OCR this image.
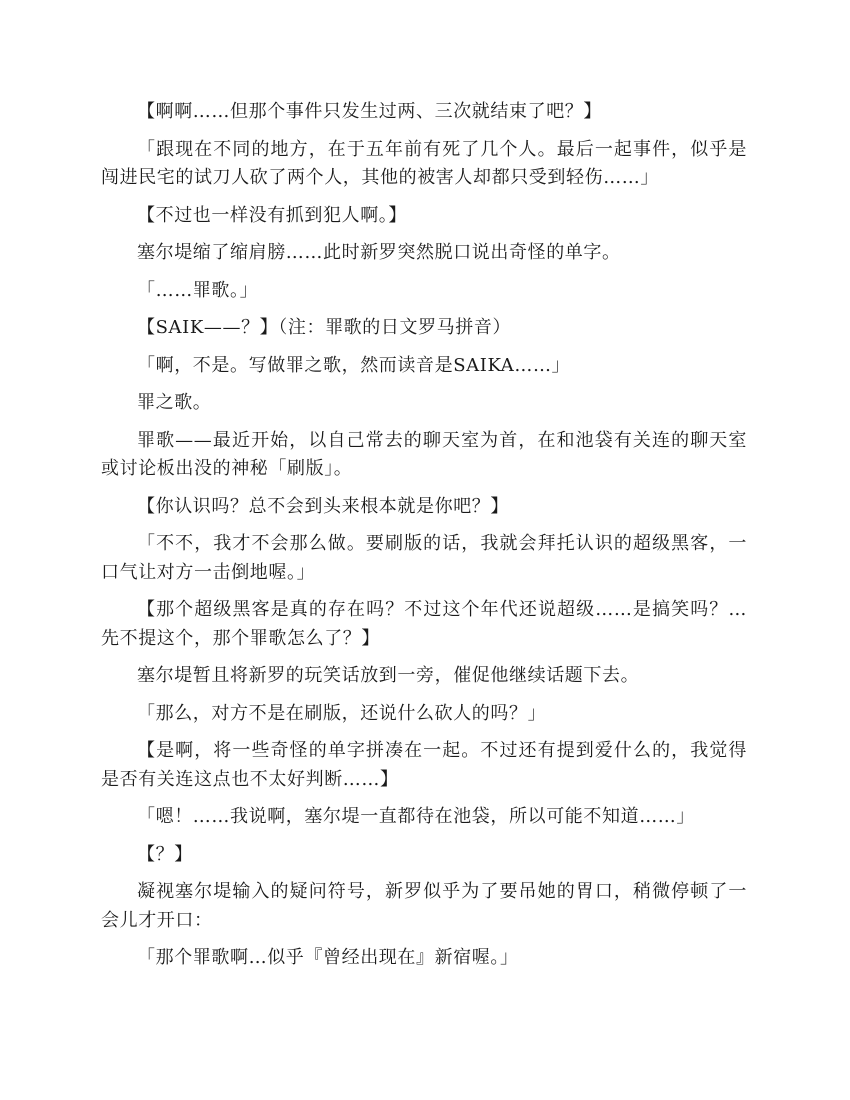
【啊啊……但那个事件只发生过两、三次就结束了吧？】

「跟现在不同的地方，在于五年前有死了几个人。最后一起事件，似乎是闯进民宅的试刀人砍了两个人，其他的被害人却都只受到轻伤……」

【不过也一样没有抓到犯人啊。】

塞尔堤缩了缩肩膀……此时新罗突然脱口说出奇怪的单字。

「……罪歌。」

【SAIK——？】（注：罪歌的日文罗马拼音）

「啊，不是。写做罪之歌，然而读音是SAIKA……」

罪之歌。

罪歌——最近开始，以自己常去的聊天室为首，在和池袋有关连的聊天室或讨论板出没的神秘「刷版」。

【你认识吗？总不会到头来根本就是你吧？】

「不不，我才不会那么做。要刷版的话，我就会拜托认识的超级黑客，一口气让对方一击倒地喔。」

【那个超级黑客是真的存在吗？不过这个年代还说超级……是搞笑吗？…先不提这个，那个罪歌怎么了？】

塞尔堤暂且将新罗的玩笑话放到一旁，催促他继续话题下去。

「那么，对方不是在刷版，还说什么砍人的吗？」

【是啊，将一些奇怪的单字拼凑在一起。不过还有提到爱什么的，我觉得是否有关连这点也不太好判断……】

「嗯！……我说啊，塞尔堤一直都待在池袋，所以可能不知道……」

【？】

凝视塞尔堤输入的疑问符号，新罗似乎为了要吊她的胃口，稍微停顿了一会儿才开口：

「那个罪歌啊…似乎『曾经出现在』新宿喔。」
